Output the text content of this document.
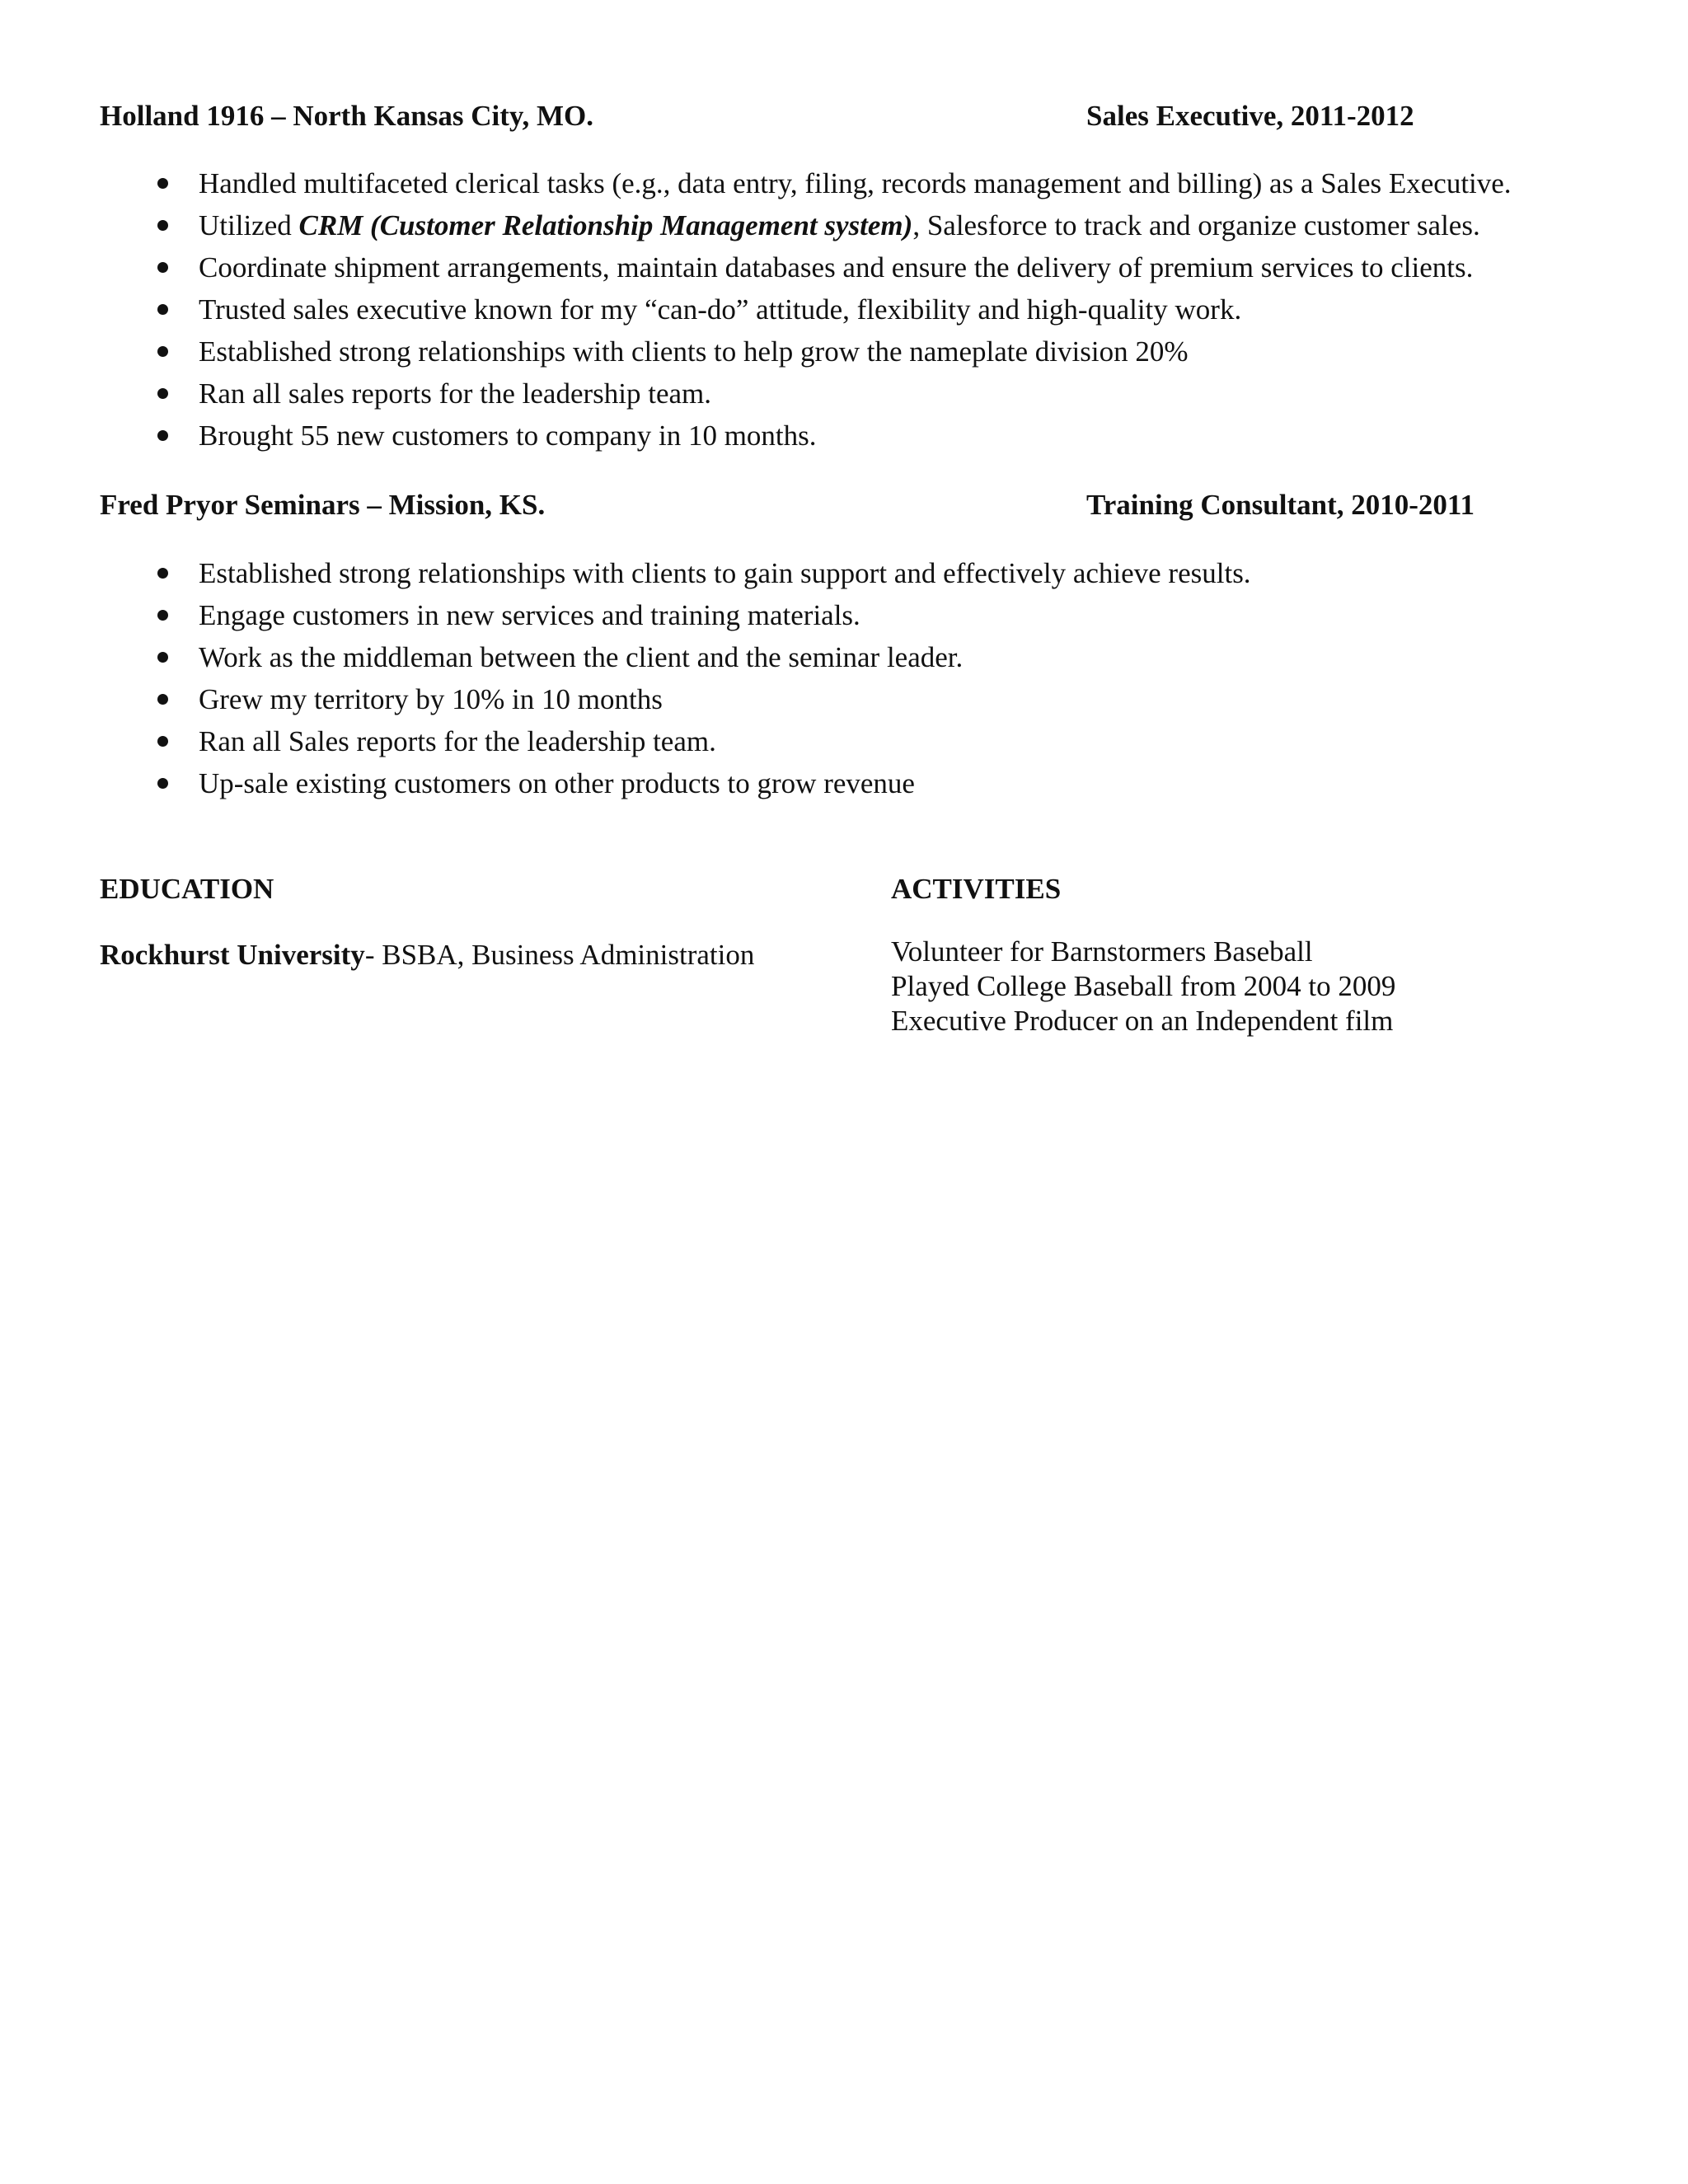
Holland 1916 – North Kansas City, MO.	Sales Executive, 2011-2012
Handled multifaceted clerical tasks (e.g., data entry, filing, records management and billing) as a Sales Executive.
Utilized CRM (Customer Relationship Management system), Salesforce to track and organize customer sales.
Coordinate shipment arrangements, maintain databases and ensure the delivery of premium services to clients.
Trusted sales executive known for my “can-do” attitude, flexibility and high-quality work.
Established strong relationships with clients to help grow the nameplate division 20%
Ran all sales reports for the leadership team.
Brought 55 new customers to company in 10 months.
Fred Pryor Seminars – Mission, KS.	Training Consultant, 2010-2011
Established strong relationships with clients to gain support and effectively achieve results.
Engage customers in new services and training materials.
Work as the middleman between the client and the seminar leader.
Grew my territory by 10% in 10 months
Ran all Sales reports for the leadership team.
Up-sale existing customers on other products to grow revenue
EDUCATION	ACTIVITIES
Rockhurst University- BSBA, Business Administration	Volunteer for Barnstormers Baseball
Played College Baseball from 2004 to 2009
Executive Producer on an Independent film
